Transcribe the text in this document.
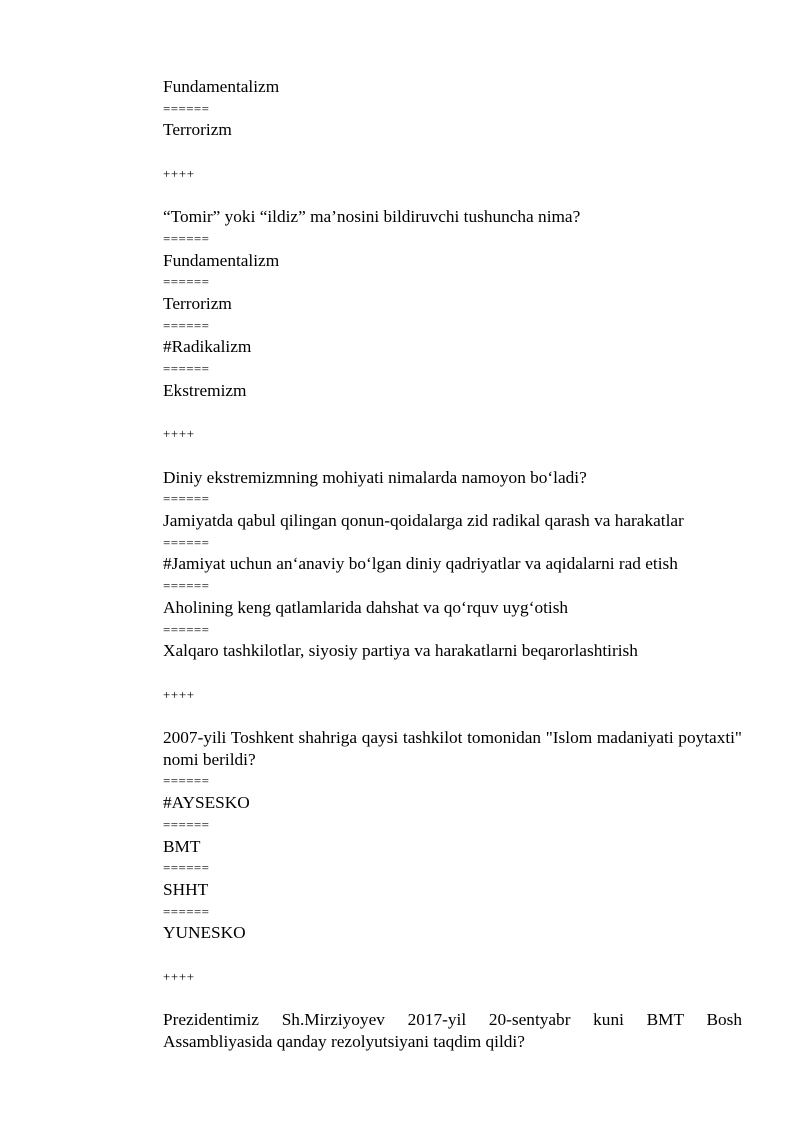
Fundamentalizm
======
Terrorizm
++++
“Tomir” yoki “ildiz” ma’nosini bildiruvchi tushuncha nima?
======
Fundamentalizm
======
Terrorizm
======
#Radikalizm
======
Ekstremizm
++++
Diniy ekstremizmning mohiyati nimalarda namoyon bo‘ladi?
======
Jamiyatda qabul qilingan qonun-qoidalarga zid radikal qarash va harakatlar
======
#Jamiyat uchun an‘anaviy bo‘lgan diniy qadriyatlar va aqidalarni rad etish
======
Aholining keng qatlamlarida dahshat va qo‘rquv uyg‘otish
======
Xalqaro tashkilotlar, siyosiy partiya va harakatlarni beqarorlashtirish
++++
2007-yili Toshkent shahriga qaysi tashkilot tomonidan "Islom madaniyati poytaxti" nomi berildi?
======
#AYSESKO
======
BMT
======
SHHT
======
YUNESKO
++++
Prezidentimiz Sh.Mirziyoyev 2017-yil 20-sentyabr kuni BMT Bosh Assambliyasida qanday rezolyutsiyani taqdim qildi?
